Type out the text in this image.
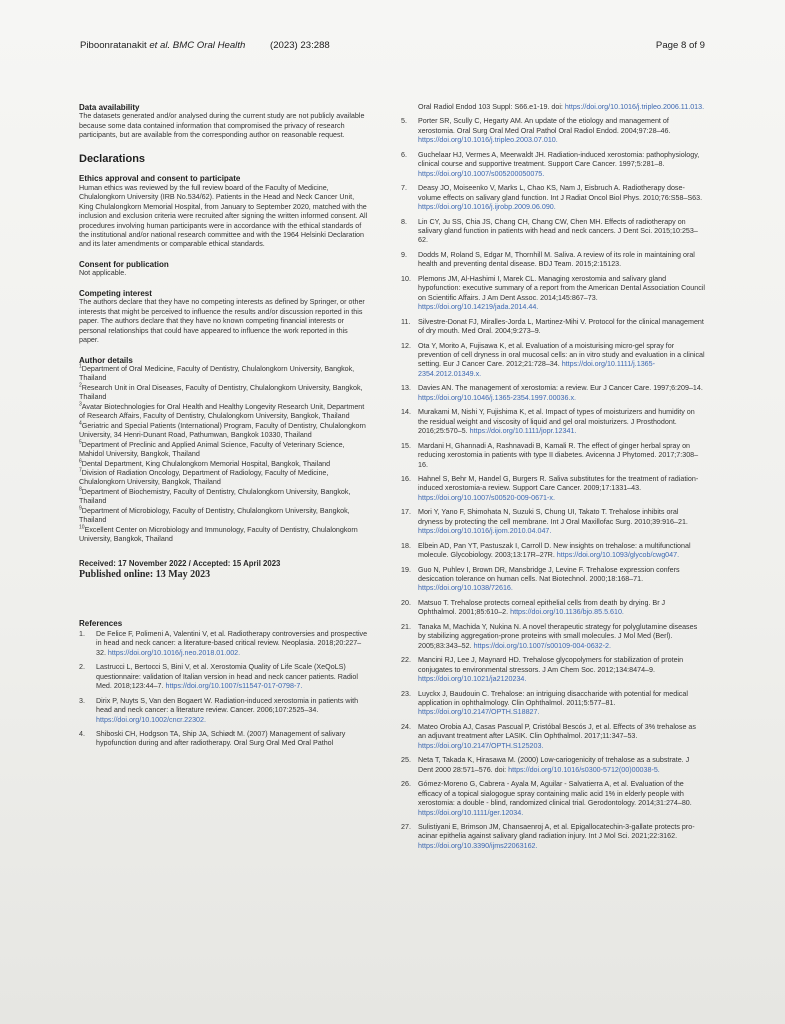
Piboonratanakit et al. BMC Oral Health	(2023) 23:288	Page 8 of 9

Data availability

The datasets generated and/or analysed during the current study are not publicly available because some data contained information that compromised the privacy of research participants, but are available from the corresponding author on reasonable request.

Declarations

Ethics approval and consent to participate

Human ethics was reviewed by the full review board of the Faculty of Medicine, Chulalongkorn University (IRB No.534/62). Patients in the Head and Neck Cancer Unit, King Chulalongkorn Memorial Hospital, from January to September 2020, matched with the inclusion and exclusion criteria were recruited after signing the written informed consent. All procedures involving human participants were in accordance with the ethical standards of the institutional and/or national research committee and with the 1964 Helsinki Declaration and its later amendments or comparable ethical standards.

Consent for publication

Not applicable.

Competing interest

The authors declare that they have no competing interests as defined by Springer, or other interests that might be perceived to influence the results and/or discussion reported in this paper. The authors declare that they have no known competing financial interests or personal relationships that could have appeared to influence the work reported in this paper.

Author details

$^1$Department of Oral Medicine, Faculty of Dentistry, Chulalongkorn University, Bangkok, Thailand
$^2$Research Unit in Oral Diseases, Faculty of Dentistry, Chulalongkorn University, Bangkok, Thailand
$^3$Avatar Biotechnologies for Oral Health and Healthy Longevity Research Unit, Department of Research Affairs, Faculty of Dentistry, Chulalongkorn University, Bangkok, Thailand
$^4$Geriatric and Special Patients (International) Program, Faculty of Dentistry, Chulalongkorn University, 34 Henri-Dunant Road, Pathumwan, Bangkok 10330, Thailand
$^5$Department of Preclinic and Applied Animal Science, Faculty of Veterinary Science, Mahidol University, Bangkok, Thailand
$^6$Dental Department, King Chulalongkorn Memorial Hospital, Bangkok, Thailand
$^7$Division of Radiation Oncology, Department of Radiology, Faculty of Medicine, Chulalongkorn University, Bangkok, Thailand
$^8$Department of Biochemistry, Faculty of Dentistry, Chulalongkorn University, Bangkok, Thailand
$^9$Department of Microbiology, Faculty of Dentistry, Chulalongkorn University, Bangkok, Thailand
$^{10}$Excellent Center on Microbiology and Immunology, Faculty of Dentistry, Chulalongkorn University, Bangkok, Thailand
Received: 17 November 2022 / Accepted: 15 April 2023
Published online: 13 May 2023
References
1. De Felice F, Polimeni A, Valentini V, et al. Radiotherapy controversies and prospective in head and neck cancer: a literature-based critical review. Neoplasia. 2018;20:227–32. https://doi.org/10.1016/j.neo.2018.01.002.
2. Lastrucci L, Bertocci S, Bini V, et al. Xerostomia Quality of Life Scale (XeQoLS) questionnaire: validation of Italian version in head and neck cancer patients. Radiol Med. 2018;123:44–7. https://doi.org/10.1007/s11547-017-0798-7.
3. Dirix P, Nuyts S, Van den Bogaert W. Radiation-induced xerostomia in patients with head and neck cancer: a literature review. Cancer. 2006;107:2525–34. https://doi.org/10.1002/cncr.22302.
4. Shiboski CH, Hodgson TA, Ship JA, Schiødt M. (2007) Management of salivary hypofunction during and after radiotherapy. Oral Surg Oral Med Oral Pathol
Oral Radiol Endod 103 Suppl: S66.e1-19. doi: https://doi.org/10.1016/j.tripleo.2006.11.013.
5. Porter SR, Scully C, Hegarty AM. An update of the etiology and management of xerostomia. Oral Surg Oral Med Oral Pathol Oral Radiol Endod. 2004;97:28–46. https://doi.org/10.1016/j.tripleo.2003.07.010.
6. Guchelaar HJ, Vermes A, Meerwaldt JH. Radiation-induced xerostomia: pathophysiology, clinical course and supportive treatment. Support Care Cancer. 1997;5:281–8. https://doi.org/10.1007/s005200050075.
7. Deasy JO, Moiseenko V, Marks L, Chao KS, Nam J, Eisbruch A. Radiotherapy dose-volume effects on salivary gland function. Int J Radiat Oncol Biol Phys. 2010;76:S58–S63. https://doi.org/10.1016/j.ijrobp.2009.06.090.
8. Lin CY, Ju SS, Chia JS, Chang CH, Chang CW, Chen MH. Effects of radiotherapy on salivary gland function in patients with head and neck cancers. J Dent Sci. 2015;10:253–62.
9. Dodds M, Roland S, Edgar M, Thornhill M. Saliva. A review of its role in maintaining oral health and preventing dental disease. BDJ Team. 2015;2:15123.
10. Plemons JM, Al-Hashimi I, Marek CL. Managing xerostomia and salivary gland hypofunction: executive summary of a report from the American Dental Association Council on Scientific Affairs. J Am Dent Assoc. 2014;145:867–73. https://doi.org/10.14219/jada.2014.44.
11. Silvestre-Donat FJ, Miralles-Jorda L, Martinez-Mihi V. Protocol for the clinical management of dry mouth. Med Oral. 2004;9:273–9.
12. Ota Y, Morito A, Fujisawa K, et al. Evaluation of a moisturising micro-gel spray for prevention of cell dryness in oral mucosal cells: an in vitro study and evaluation in a clinical setting. Eur J Cancer Care. 2012;21:728–34. https://doi.org/10.1111/j.1365-2354.2012.01349.x.
13. Davies AN. The management of xerostomia: a review. Eur J Cancer Care. 1997;6:209–14. https://doi.org/10.1046/j.1365-2354.1997.00036.x.
14. Murakami M, Nishi Y, Fujishima K, et al. Impact of types of moisturizers and humidity on the residual weight and viscosity of liquid and gel oral moisturizers. J Prosthodont. 2016;25:570–5. https://doi.org/10.1111/jopr.12341.
15. Mardani H, Ghannadi A, Rashnavadi B, Kamali R. The effect of ginger herbal spray on reducing xerostomia in patients with type II diabetes. Avicenna J Phytomed. 2017;7:308–16.
16. Hahnel S, Behr M, Handel G, Burgers R. Saliva substitutes for the treatment of radiation-induced xerostomia-a review. Support Care Cancer. 2009;17:1331–43. https://doi.org/10.1007/s00520-009-0671-x.
17. Mori Y, Yano F, Shimohata N, Suzuki S, Chung UI, Takato T. Trehalose inhibits oral dryness by protecting the cell membrane. Int J Oral Maxillofac Surg. 2010;39:916–21. https://doi.org/10.1016/j.ijom.2010.04.047.
18. Elbein AD, Pan YT, Pastuszak I, Carroll D. New insights on trehalose: a multifunctional molecule. Glycobiology. 2003;13:17R–27R. https://doi.org/10.1093/glycob/cwg047.
19. Guo N, Puhlev I, Brown DR, Mansbridge J, Levine F. Trehalose expression confers desiccation tolerance on human cells. Nat Biotechnol. 2000;18:168–71. https://doi.org/10.1038/72616.
20. Matsuo T. Trehalose protects corneal epithelial cells from death by drying. Br J Ophthalmol. 2001;85:610–2. https://doi.org/10.1136/bjo.85.5.610.
21. Tanaka M, Machida Y, Nukina N. A novel therapeutic strategy for polyglutamine diseases by stabilizing aggregation-prone proteins with small molecules. J Mol Med (Berl). 2005;83:343–52. https://doi.org/10.1007/s00109-004-0632-2.
22. Mancini RJ, Lee J, Maynard HD. Trehalose glycopolymers for stabilization of protein conjugates to environmental stressors. J Am Chem Soc. 2012;134:8474–9. https://doi.org/10.1021/ja2120234.
23. Luyckx J, Baudouin C. Trehalose: an intriguing disaccharide with potential for medical application in ophthalmology. Clin Ophthalmol. 2011;5:577–81. https://doi.org/10.2147/OPTH.S18827.
24. Mateo Orobia AJ, Casas Pascual P, Cristóbal Bescós J, et al. Effects of 3% trehalose as an adjuvant treatment after LASIK. Clin Ophthalmol. 2017;11:347–53. https://doi.org/10.2147/OPTH.S125203.
25. Neta T, Takada K, Hirasawa M. (2000) Low-cariogenicity of trehalose as a substrate. J Dent 2000 28:571–576. doi: https://doi.org/10.1016/s0300-5712(00)00038-5.
26. Gómez-Moreno G, Cabrera - Ayala M, Aguilar - Salvatierra A, et al. Evaluation of the efficacy of a topical sialogogue spray containing malic acid 1% in elderly people with xerostomia: a double - blind, randomized clinical trial. Gerodontology. 2014;31:274–80. https://doi.org/10.1111/ger.12034.
27. Sulistiyani E, Brimson JM, Chansaenroj A, et al. Epigallocatechin-3-gallate protects pro-acinar epithelia against salivary gland radiation injury. Int J Mol Sci. 2021;22:3162. https://doi.org/10.3390/ijms22063162.
